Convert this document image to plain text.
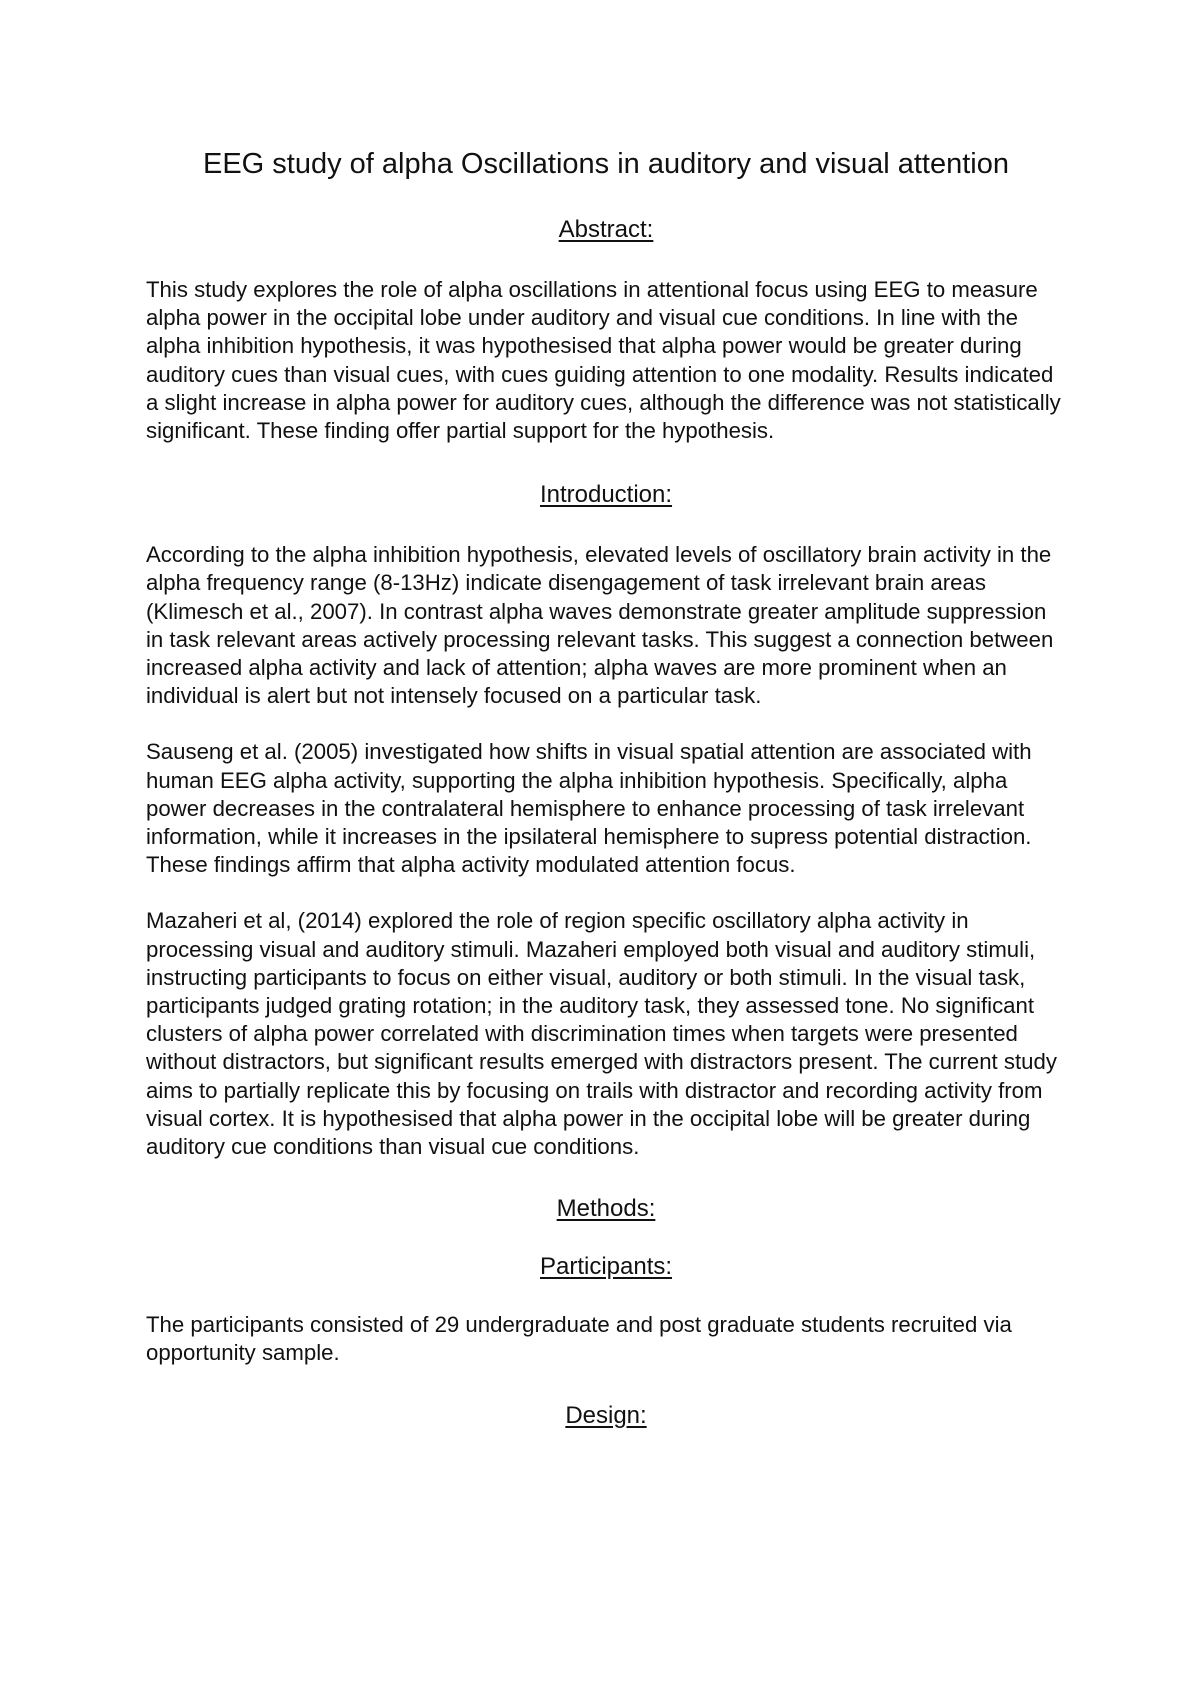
EEG study of alpha Oscillations in auditory and visual attention
Abstract:

This study explores the role of alpha oscillations in attentional focus using EEG to measure alpha power in the occipital lobe under auditory and visual cue conditions. In line with the alpha inhibition hypothesis, it was hypothesised that alpha power would be greater during auditory cues than visual cues, with cues guiding attention to one modality. Results indicated a slight increase in alpha power for auditory cues, although the difference was not statistically significant. These finding offer partial support for the hypothesis.

Introduction:

According to the alpha inhibition hypothesis, elevated levels of oscillatory brain activity in the alpha frequency range (8-13Hz) indicate disengagement of task irrelevant brain areas (Klimesch et al., 2007). In contrast alpha waves demonstrate greater amplitude suppression in task relevant areas actively processing relevant tasks. This suggest a connection between increased alpha activity and lack of attention; alpha waves are more prominent when an individual is alert but not intensely focused on a particular task.

Sauseng et al. (2005) investigated how shifts in visual spatial attention are associated with human EEG alpha activity, supporting the alpha inhibition hypothesis. Specifically, alpha power decreases in the contralateral hemisphere to enhance processing of task irrelevant information, while it increases in the ipsilateral hemisphere to supress potential distraction. These findings affirm that alpha activity modulated attention focus.

Mazaheri et al, (2014) explored the role of region specific oscillatory alpha activity in processing visual and auditory stimuli. Mazaheri employed both visual and auditory stimuli, instructing participants to focus on either visual, auditory or both stimuli. In the visual task, participants judged grating rotation; in the auditory task, they assessed tone. No significant clusters of alpha power correlated with discrimination times when targets were presented without distractors, but significant results emerged with distractors present. The current study aims to partially replicate this by focusing on trails with distractor and recording activity from visual cortex. It is hypothesised that alpha power in the occipital lobe will be greater during auditory cue conditions than visual cue conditions.

Methods:
Participants:

The participants consisted of 29 undergraduate and post graduate students recruited via opportunity sample.

Design:
